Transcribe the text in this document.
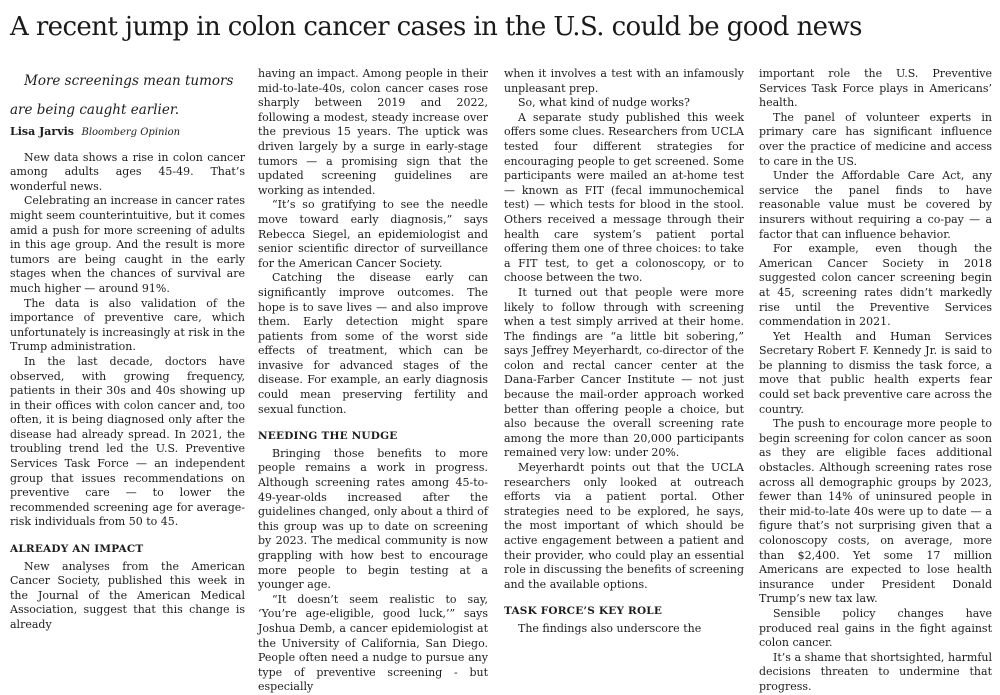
A recent jump in colon cancer cases in the U.S. could be good news

More screenings mean tumors are being caught earlier.

Lisa Jarvis Bloomberg Opinion

New data shows a rise in colon cancer among adults ages 45-49. That’s wonderful news.

Celebrating an increase in cancer rates might seem counterintuitive, but it comes amid a push for more screening of adults in this age group. And the result is more tumors are being caught in the early stages when the chances of survival are much higher — around 91%.

The data is also validation of the importance of preventive care, which unfortunately is increasingly at risk in the Trump administration.

In the last decade, doctors have observed, with growing frequency, patients in their 30s and 40s showing up in their offices with colon cancer and, too often, it is being diagnosed only after the disease had already spread. In 2021, the troubling trend led the U.S. Preventive Services Task Force — an independent group that issues recommendations on preventive care — to lower the recommended screening age for average-risk individuals from 50 to 45.

ALREADY AN IMPACT

New analyses from the American Cancer Society, published this week in the Journal of the American Medical Association, suggest that this change is already

having an impact. Among people in their mid-to-late-40s, colon cancer cases rose sharply between 2019 and 2022, following a modest, steady increase over the previous 15 years. The uptick was driven largely by a surge in early-stage tumors — a promising sign that the updated screening guidelines are working as intended.

“It’s so gratifying to see the needle move toward early diagnosis,” says Rebecca Siegel, an epidemiologist and senior scientific director of surveillance for the American Cancer Society.

Catching the disease early can significantly improve outcomes. The hope is to save lives — and also improve them. Early detection might spare patients from some of the worst side effects of treatment, which can be invasive for advanced stages of the disease. For example, an early diagnosis could mean preserving fertility and sexual function.

NEEDING THE NUDGE

Bringing those benefits to more people remains a work in progress. Although screening rates among 45-to-49-year-olds increased after the guidelines changed, only about a third of this group was up to date on screening by 2023. The medical community is now grappling with how best to encourage more people to begin testing at a younger age.

“It doesn’t seem realistic to say, ‘You’re age-eligible, good luck,’” says Joshua Demb, a cancer epidemiologist at the University of California, San Diego. People often need a nudge to pursue any type of preventive screening - but especially

when it involves a test with an infamously unpleasant prep.

So, what kind of nudge works?

A separate study published this week offers some clues. Researchers from UCLA tested four different strategies for encouraging people to get screened. Some participants were mailed an at-home test — known as FIT (fecal immunochemical test) — which tests for blood in the stool. Others received a message through their health care system’s patient portal offering them one of three choices: to take a FIT test, to get a colonoscopy, or to choose between the two.

It turned out that people were more likely to follow through with screening when a test simply arrived at their home. The findings are “a little bit sobering,” says Jeffrey Meyerhardt, co-director of the colon and rectal cancer center at the Dana-Farber Cancer Institute — not just because the mail-order approach worked better than offering people a choice, but also because the overall screening rate among the more than 20,000 participants remained very low: under 20%.

Meyerhardt points out that the UCLA researchers only looked at outreach efforts via a patient portal. Other strategies need to be explored, he says, the most important of which should be active engagement between a patient and their provider, who could play an essential role in discussing the benefits of screening and the available options.

TASK FORCE’S KEY ROLE

The findings also underscore the

important role the U.S. Preventive Services Task Force plays in Americans’ health.

The panel of volunteer experts in primary care has significant influence over the practice of medicine and access to care in the US.

Under the Affordable Care Act, any service the panel finds to have reasonable value must be covered by insurers without requiring a co-pay — a factor that can influence behavior.

For example, even though the American Cancer Society in 2018 suggested colon cancer screening begin at 45, screening rates didn’t markedly rise until the Preventive Services commendation in 2021.

Yet Health and Human Services Secretary Robert F. Kennedy Jr. is said to be planning to dismiss the task force, a move that public health experts fear could set back preventive care across the country.

The push to encourage more people to begin screening for colon cancer as soon as they are eligible faces additional obstacles. Although screening rates rose across all demographic groups by 2023, fewer than 14% of uninsured people in their mid-to-late 40s were up to date — a figure that’s not surprising given that a colonoscopy costs, on average, more than $2,400. Yet some 17 million Americans are expected to lose health insurance under President Donald Trump’s new tax law.

Sensible policy changes have produced real gains in the fight against colon cancer.

It’s a shame that shortsighted, harmful decisions threaten to undermine that progress.
